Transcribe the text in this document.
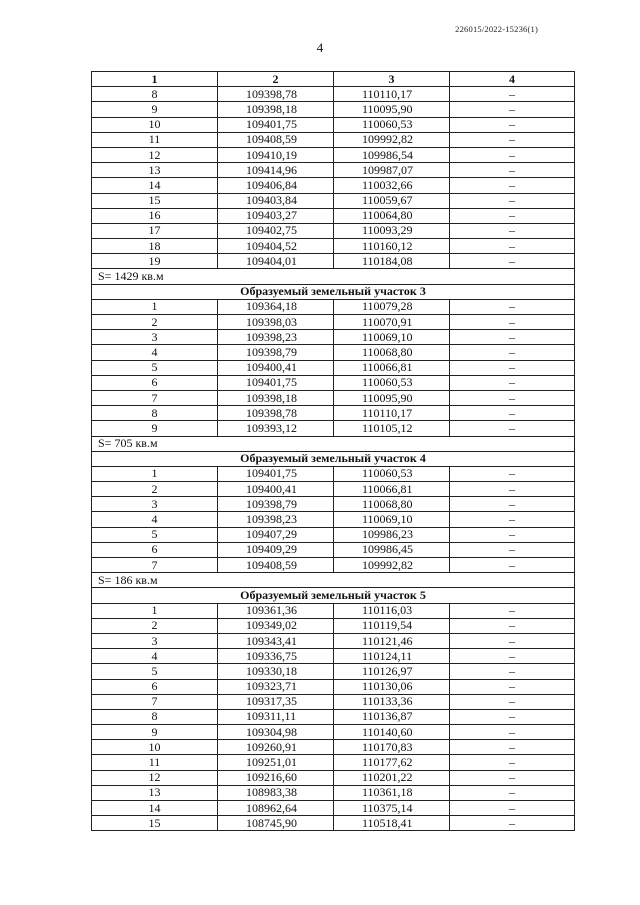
226015/2022-15236(1)
4
1	2	3	4
8	109398,78	110110,17	–
9	109398,18	110095,90	–
10	109401,75	110060,53	–
11	109408,59	109992,82	–
12	109410,19	109986,54	–
13	109414,96	109987,07	–
14	109406,84	110032,66	–
15	109403,84	110059,67	–
16	109403,27	110064,80	–
17	109402,75	110093,29	–
18	109404,52	110160,12	–
19	109404,01	110184,08	–
S= 1429 кв.м			
Образуемый земельный участок 3			
1	109364,18	110079,28	–
2	109398,03	110070,91	–
3	109398,23	110069,10	–
4	109398,79	110068,80	–
5	109400,41	110066,81	–
6	109401,75	110060,53	–
7	109398,18	110095,90	–
8	109398,78	110110,17	–
9	109393,12	110105,12	–
S= 705 кв.м			
Образуемый земельный участок 4			
1	109401,75	110060,53	–
2	109400,41	110066,81	–
3	109398,79	110068,80	–
4	109398,23	110069,10	–
5	109407,29	109986,23	–
6	109409,29	109986,45	–
7	109408,59	109992,82	–
S= 186 кв.м			
Образуемый земельный участок 5			
1	109361,36	110116,03	–
2	109349,02	110119,54	–
3	109343,41	110121,46	–
4	109336,75	110124,11	–
5	109330,18	110126,97	–
6	109323,71	110130,06	–
7	109317,35	110133,36	–
8	109311,11	110136,87	–
9	109304,98	110140,60	–
10	109260,91	110170,83	–
11	109251,01	110177,62	–
12	109216,60	110201,22	–
13	108983,38	110361,18	–
14	108962,64	110375,14	–
15	108745,90	110518,41	–
